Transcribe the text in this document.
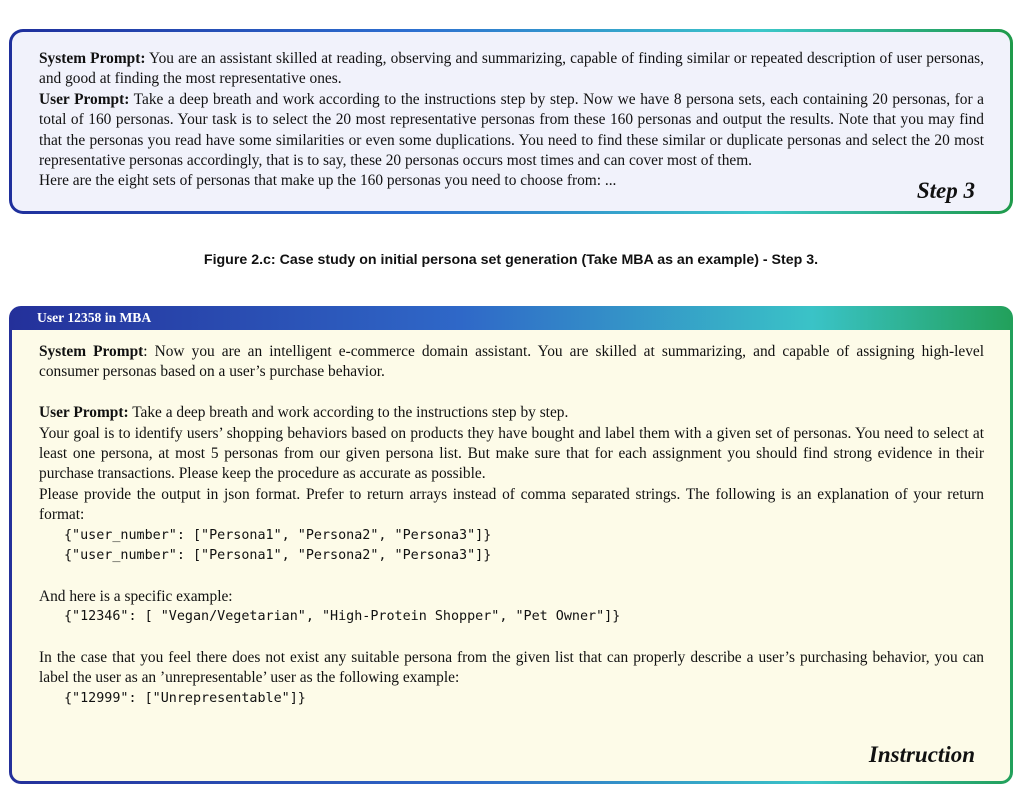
System Prompt: You are an assistant skilled at reading, observing and summarizing, capable of finding similar or repeated description of user personas, and good at finding the most representative ones.

User Prompt: Take a deep breath and work according to the instructions step by step. Now we have 8 persona sets, each containing 20 personas, for a total of 160 personas. Your task is to select the 20 most representative personas from these 160 personas and output the results. Note that you may find that the personas you read have some similarities or even some duplications. You need to find these similar or duplicate personas and select the 20 most representative personas accordingly, that is to say, these 20 personas occurs most times and can cover most of them.

Here are the eight sets of personas that make up the 160 personas you need to choose from: ...	Step 3
Figure 2.c: Case study on initial persona set generation (Take MBA as an example) - Step 3.
User 12358 in MBA

System Prompt: Now you are an intelligent e-commerce domain assistant. You are skilled at summarizing, and capable of assigning high-level consumer personas based on a user’s purchase behavior.

User Prompt: Take a deep breath and work according to the instructions step by step.

Your goal is to identify users’ shopping behaviors based on products they have bought and label them with a given set of personas. You need to select at least one persona, at most 5 personas from our given persona list. But make sure that for each assignment you should find strong evidence in their purchase transactions. Please keep the procedure as accurate as possible.

Please provide the output in json format. Prefer to return arrays instead of comma separated strings. The following is an explanation of your return format:

{"user_number": ["Persona1", "Persona2", "Persona3"]}
{"user_number": ["Persona1", "Persona2", "Persona3"]}

And here is a specific example:

{"12346": [ "Vegan/Vegetarian", "High-Protein Shopper", "Pet Owner"]}

In the case that you feel there does not exist any suitable persona from the given list that can properly describe a user’s purchasing behavior, you can label the user as an ’unrepresentable’ user as the following example:

{"12999": ["Unrepresentable"]}
Instruction
